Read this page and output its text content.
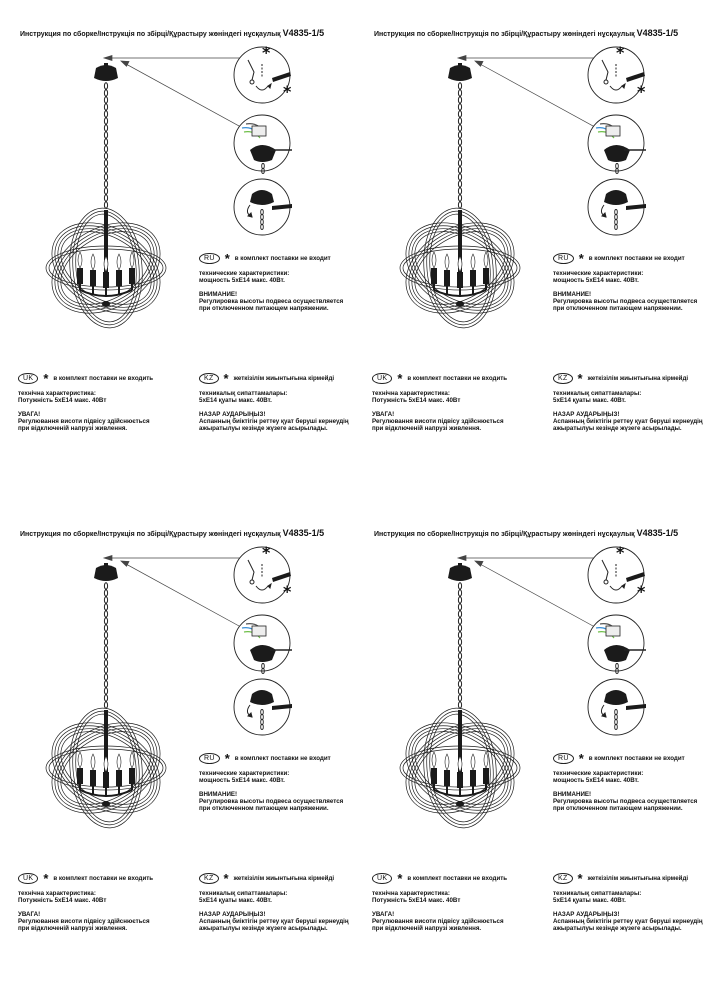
Инструкция по сборке/Інструкція по збірці/Құрастыру жөніндегі нұсқаулық V4835-1/5
*
*
RU * в комплект поставки не входит
технические характеристики:
мощность 5xE14 макс. 40Вт.
ВНИМАНИЕ!
Регулировка высоты подвеса осуществляется
при отключенном питающем напряжении.
UK * в комплект поставки не входить
технічна характеристика:
Потужність 5xE14 макс. 40Вт
УВАГА!
Регулювання висоти підвісу здійснюється
при відключеній напрузі живлення.
KZ * жеткізілім жиынтығына кірмейді
техникалық сипаттамалары:
5xE14 қуаты макс. 40Вт.
НАЗАР АУДАРЫҢЫЗ!
Аспанның биіктігін реттеу қуат беруші кернеудің
ажыратылуы кезінде жүзеге асырылады.
Инструкция по сборке/Інструкція по збірці/Құрастыру жөніндегі нұсқаулық V4835-1/5
*
*
RU * в комплект поставки не входит
технические характеристики:
мощность 5xE14 макс. 40Вт.
ВНИМАНИЕ!
Регулировка высоты подвеса осуществляется
при отключенном питающем напряжении.
UK * в комплект поставки не входить
технічна характеристика:
Потужність 5xE14 макс. 40Вт
УВАГА!
Регулювання висоти підвісу здійснюється
при відключеній напрузі живлення.
KZ * жеткізілім жиынтығына кірмейді
техникалық сипаттамалары:
5xE14 қуаты макс. 40Вт.
НАЗАР АУДАРЫҢЫЗ!
Аспанның биіктігін реттеу қуат беруші кернеудің
ажыратылуы кезінде жүзеге асырылады.
Инструкция по сборке/Інструкція по збірці/Құрастыру жөніндегі нұсқаулық V4835-1/5
*
*
RU * в комплект поставки не входит
технические характеристики:
мощность 5xE14 макс. 40Вт.
ВНИМАНИЕ!
Регулировка высоты подвеса осуществляется
при отключенном питающем напряжении.
UK * в комплект поставки не входить
технічна характеристика:
Потужність 5xE14 макс. 40Вт
УВАГА!
Регулювання висоти підвісу здійснюється
при відключеній напрузі живлення.
KZ * жеткізілім жиынтығына кірмейді
техникалық сипаттамалары:
5xE14 қуаты макс. 40Вт.
НАЗАР АУДАРЫҢЫЗ!
Аспанның биіктігін реттеу қуат беруші кернеудің
ажыратылуы кезінде жүзеге асырылады.
Инструкция по сборке/Інструкція по збірці/Құрастыру жөніндегі нұсқаулық V4835-1/5
*
*
RU * в комплект поставки не входит
технические характеристики:
мощность 5xE14 макс. 40Вт.
ВНИМАНИЕ!
Регулировка высоты подвеса осуществляется
при отключенном питающем напряжении.
UK * в комплект поставки не входить
технічна характеристика:
Потужність 5xE14 макс. 40Вт
УВАГА!
Регулювання висоти підвісу здійснюється
при відключеній напрузі живлення.
KZ * жеткізілім жиынтығына кірмейді
техникалық сипаттамалары:
5xE14 қуаты макс. 40Вт.
НАЗАР АУДАРЫҢЫЗ!
Аспанның биіктігін реттеу қуат беруші кернеудің
ажыратылуы кезінде жүзеге асырылады.
